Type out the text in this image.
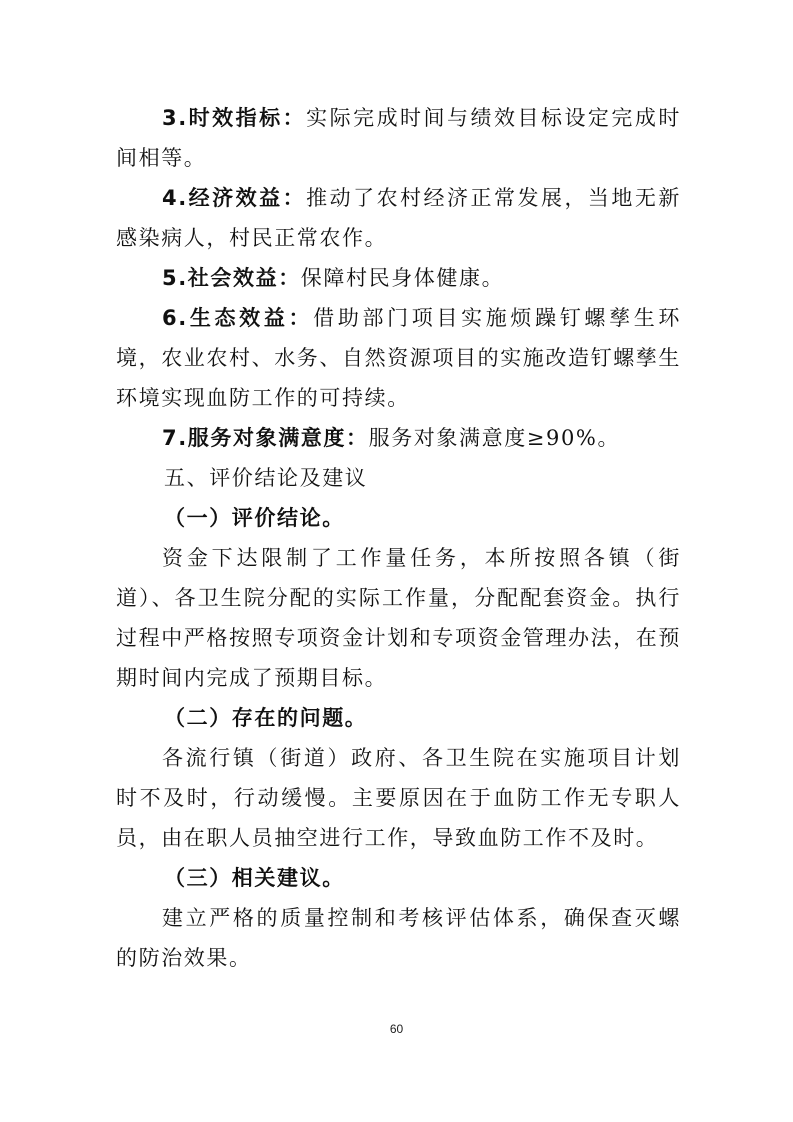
3.时效指标：实际完成时间与绩效目标设定完成时间相等。

4.经济效益：推动了农村经济正常发展，当地无新感染病人，村民正常农作。

5.社会效益：保障村民身体健康。

6.生态效益：借助部门项目实施烦躁钉螺孳生环境，农业农村、水务、自然资源项目的实施改造钉螺孳生环境实现血防工作的可持续。

7.服务对象满意度：服务对象满意度≥90%。

五、评价结论及建议
（一）评价结论。

资金下达限制了工作量任务，本所按照各镇（街道）、各卫生院分配的实际工作量，分配配套资金。执行过程中严格按照专项资金计划和专项资金管理办法，在预期时间内完成了预期目标。

（二）存在的问题。

各流行镇（街道）政府、各卫生院在实施项目计划时不及时，行动缓慢。主要原因在于血防工作无专职人员，由在职人员抽空进行工作，导致血防工作不及时。

（三）相关建议。

建立严格的质量控制和考核评估体系，确保查灭螺的防治效果。

60
